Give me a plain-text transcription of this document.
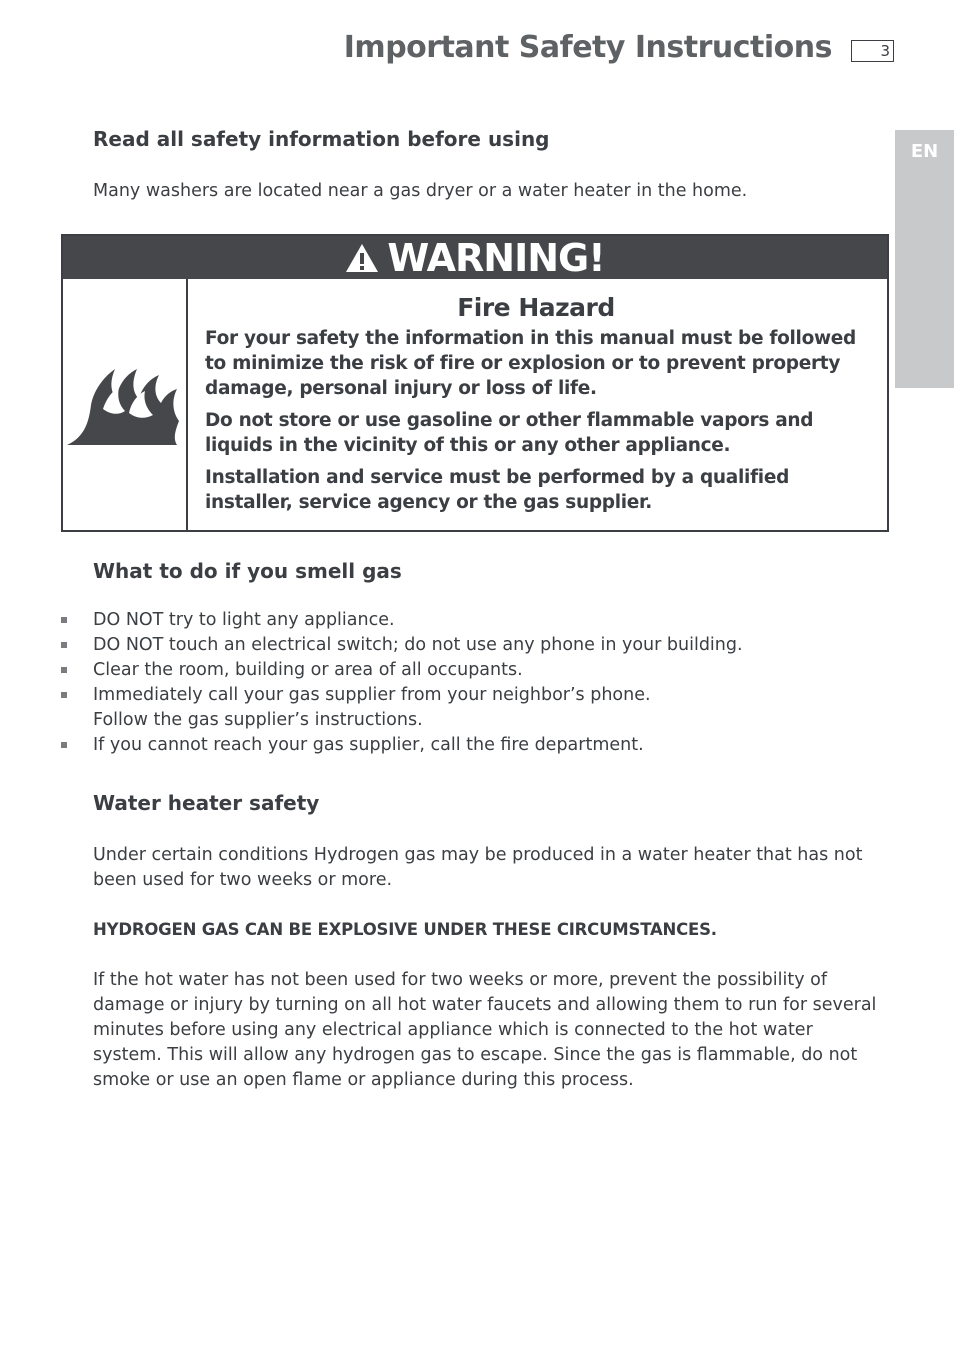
Important Safety Instructions	3
EN
Read all safety information before using
Many washers are located near a gas dryer or a water heater in the home.
WARNING!
Fire Hazard

For your safety the information in this manual must be followed to minimize the risk of fire or explosion or to prevent property damage, personal injury or loss of life.

Do not store or use gasoline or other flammable vapors and liquids in the vicinity of this or any other appliance.

Installation and service must be performed by a qualified installer, service agency or the gas supplier.

What to do if you smell gas
DO NOT try to light any appliance.
DO NOT touch an electrical switch; do not use any phone in your building.
Clear the room, building or area of all occupants.
Immediately call your gas supplier from your neighbor’s phone.
Follow the gas supplier’s instructions.
If you cannot reach your gas supplier, call the fire department.
Water heater safety
Under certain conditions Hydrogen gas may be produced in a water heater that has not been used for two weeks or more.
HYDROGEN GAS CAN BE EXPLOSIVE UNDER THESE CIRCUMSTANCES.
If the hot water has not been used for two weeks or more, prevent the possibility of damage or injury by turning on all hot water faucets and allowing them to run for several minutes before using any electrical appliance which is connected to the hot water system. This will allow any hydrogen gas to escape. Since the gas is flammable, do not smoke or use an open flame or appliance during this process.
